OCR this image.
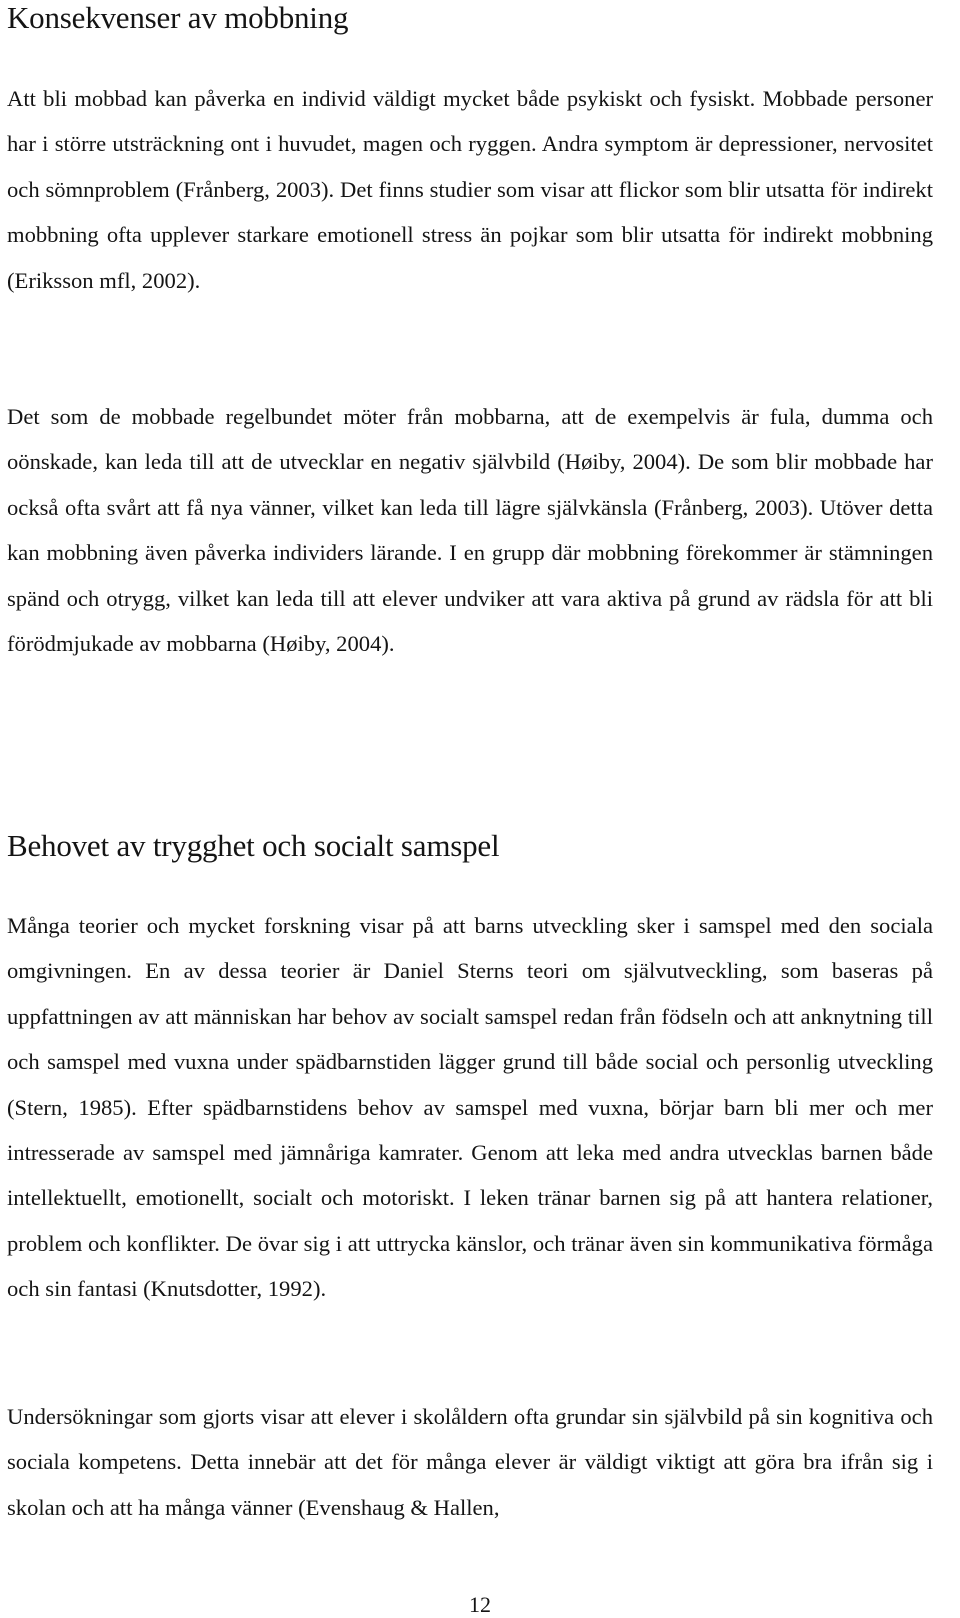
Konsekvenser av mobbning

Att bli mobbad kan påverka en individ väldigt mycket både psykiskt och fysiskt. Mobbade personer har i större utsträckning ont i huvudet, magen och ryggen. Andra symptom är depressioner, nervositet och sömnproblem (Frånberg, 2003). Det finns studier som visar att flickor som blir utsatta för indirekt mobbning ofta upplever starkare emotionell stress än pojkar som blir utsatta för indirekt mobbning (Eriksson mfl, 2002).

Det som de mobbade regelbundet möter från mobbarna, att de exempelvis är fula, dumma och oönskade, kan leda till att de utvecklar en negativ självbild (Høiby, 2004). De som blir mobbade har också ofta svårt att få nya vänner, vilket kan leda till lägre självkänsla (Frånberg, 2003). Utöver detta kan mobbning även påverka individers lärande. I en grupp där mobbning förekommer är stämningen spänd och otrygg, vilket kan leda till att elever undviker att vara aktiva på grund av rädsla för att bli förödmjukade av mobbarna (Høiby, 2004).

Behovet av trygghet och socialt samspel

Många teorier och mycket forskning visar på att barns utveckling sker i samspel med den sociala omgivningen. En av dessa teorier är Daniel Sterns teori om självutveckling, som baseras på uppfattningen av att människan har behov av socialt samspel redan från födseln och att anknytning till och samspel med vuxna under spädbarnstiden lägger grund till både social och personlig utveckling (Stern, 1985). Efter spädbarnstidens behov av samspel med vuxna, börjar barn bli mer och mer intresserade av samspel med jämnåriga kamrater. Genom att leka med andra utvecklas barnen både intellektuellt, emotionellt, socialt och motoriskt. I leken tränar barnen sig på att hantera relationer, problem och konflikter. De övar sig i att uttrycka känslor, och tränar även sin kommunikativa förmåga och sin fantasi (Knutsdotter, 1992).

Undersökningar som gjorts visar att elever i skolåldern ofta grundar sin självbild på sin kognitiva och sociala kompetens. Detta innebär att det för många elever är väldigt viktigt att göra bra ifrån sig i skolan och att ha många vänner (Evenshaug & Hallen,

12
